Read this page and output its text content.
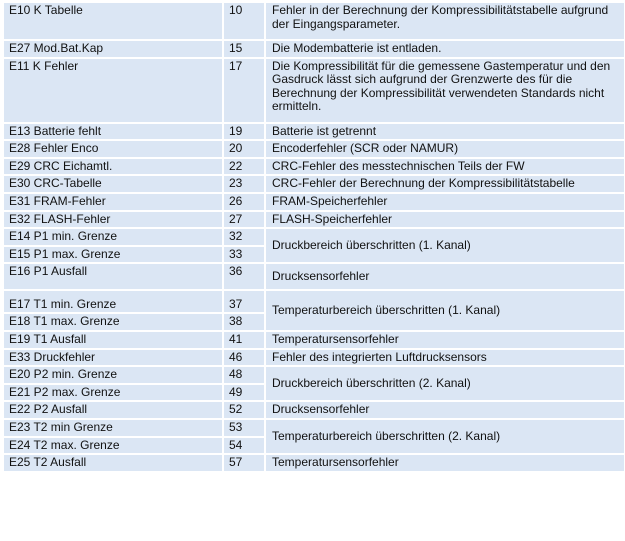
E10 K Tabelle	10	Fehler in der Berechnung der Kompressibilitätstabelle aufgrund der Eingangsparameter.
E27 Mod.Bat.Kap	15	Die Modembatterie ist entladen.
E11 K Fehler	17	Die Kompressibilität für die gemessene Gastemperatur und den Gasdruck lässt sich aufgrund der Grenzwerte des für die Berechnung der Kompressibilität verwendeten Standards nicht ermitteln.
E13 Batterie fehlt	19	Batterie ist getrennt
E28 Fehler Enco	20	Encoderfehler (SCR oder NAMUR)
E29 CRC Eichamtl.	22	CRC-Fehler des messtechnischen Teils der FW
E30 CRC-Tabelle	23	CRC-Fehler der Berechnung der Kompressibilitätstabelle
E31 FRAM-Fehler	26	FRAM-Speicherfehler
E32 FLASH-Fehler	27	FLASH-Speicherfehler
E14 P1 min. Grenze	32	Druckbereich überschritten (1. Kanal)
E15 P1 max. Grenze	33	
E16 P1 Ausfall	36	Drucksensorfehler
E17 T1 min. Grenze	37	Temperaturbereich überschritten (1. Kanal)
E18 T1 max. Grenze	38	
E19 T1 Ausfall	41	Temperatursensorfehler
E33 Druckfehler	46	Fehler des integrierten Luftdrucksensors
E20 P2 min. Grenze	48	Druckbereich überschritten (2. Kanal)
E21 P2 max. Grenze	49	
E22 P2 Ausfall	52	Drucksensorfehler
E23 T2 min Grenze	53	Temperaturbereich überschritten (2. Kanal)
E24 T2 max. Grenze	54	
E25 T2 Ausfall	57	Temperatursensorfehler
